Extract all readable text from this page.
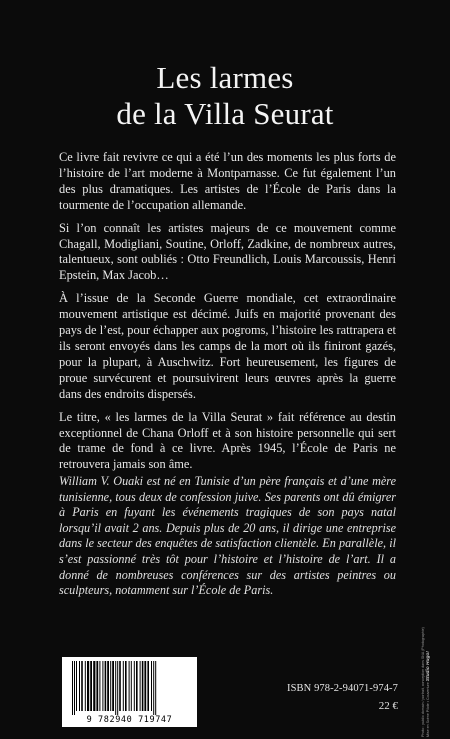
Les larmes
de la Villa Seurat

Ce livre fait revivre ce qui a été l’un des moments les plus forts de l’histoire de l’art moderne à Montparnasse. Ce fut également l’un des plus dramatiques. Les artistes de l’École de Paris dans la tourmente de l’occupation allemande.

Si l’on connaît les artistes majeurs de ce mouvement comme Chagall, Modigliani, Soutine, Orloff, Zadkine, de nombreux autres, talentueux, sont oubliés : Otto Freundlich, Louis Marcoussis, Henri Epstein, Max Jacob…

À l’issue de la Seconde Guerre mondiale, cet extraordinaire mouvement artistique est décimé. Juifs en majorité provenant des pays de l’est, pour échapper aux pogroms, l’histoire les rattrapera et ils seront envoyés dans les camps de la mort où ils finiront gazés, pour la plupart, à Auschwitz. Fort heureusement, les figures de proue survécurent et poursuivirent leurs œuvres après la guerre dans des endroits dispersés.

Le titre, « les larmes de la Villa Seurat » fait référence au destin exceptionnel de Chana Orloff et à son histoire personnelle qui sert de trame de fond à ce livre. Après 1945, l’École de Paris ne retrouvera jamais son âme.

William V. Ouaki est né en Tunisie d’un père français et d’une mère tunisienne, tous deux de confession juive. Ses parents ont dû émigrer à Paris en fuyant les événements tragiques de son pays natal lorsqu’il avait 2 ans. Depuis plus de 20 ans, il dirige une entreprise dans le secteur des enquêtes de satisfaction clientèle. En parallèle, il s’est passionné très tôt pour l’histoire et l’histoire de l’art. Il a donné de nombreuses conférences sur des artistes peintres ou sculpteurs, notamment sur l’École de Paris.

9 782940 719747
ISBN 978-2-94071-974-7
22 €	Photo : public domain / portrait, conception dans SNA (Photographie) Mise en Scène Pilote • Couverture Studio Hugo!
